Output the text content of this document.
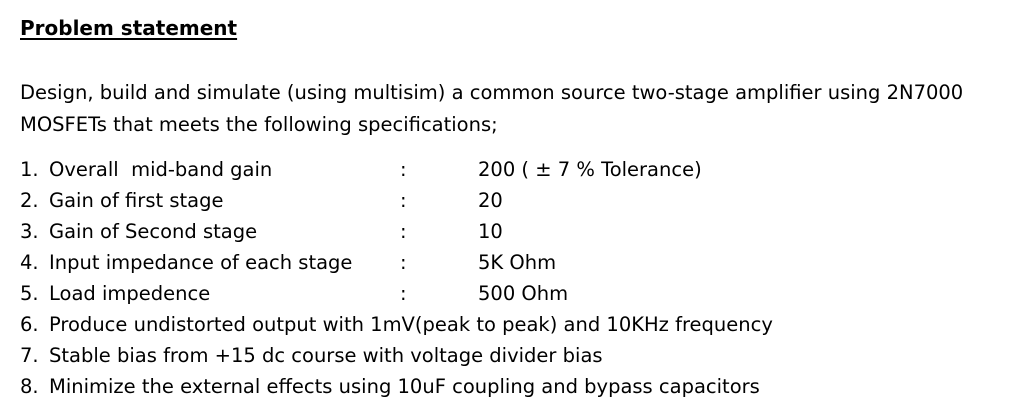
Problem statement
Design, build and simulate (using multisim) a common source two-stage amplifier using 2N7000
MOSFETs that meets the following specifications;
1. Overall  mid-band gain	:	200 ( ± 7 % Tolerance)
2. Gain of first stage	:	20
3. Gain of Second stage	:	10
4. Input impedance of each stage :	5K Ohm
5. Load impedence	:	500 Ohm
6. Produce undistorted output with 1mV(peak to peak) and 10KHz frequency
7. Stable bias from +15 dc course with voltage divider bias
8. Minimize the external effects using 10uF coupling and bypass capacitors
